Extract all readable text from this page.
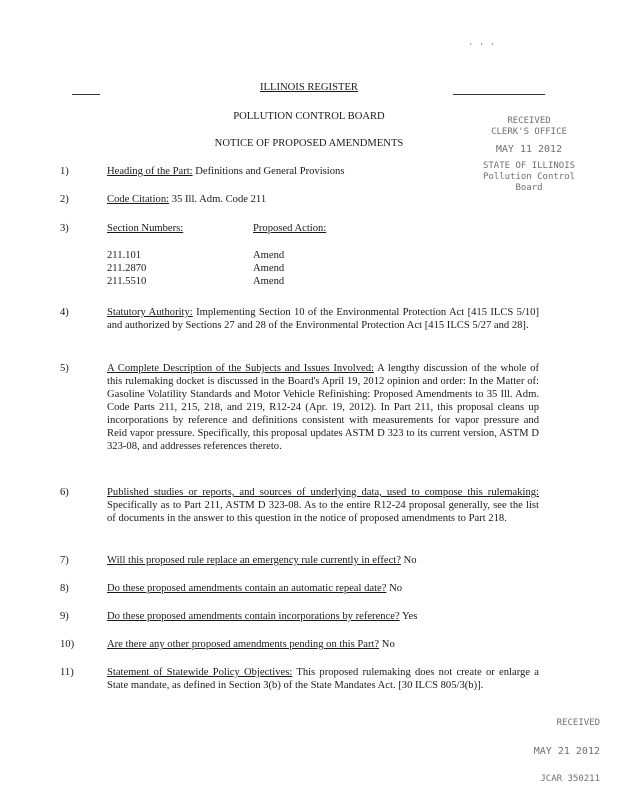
· · ·
ILLINOIS REGISTER
POLLUTION CONTROL BOARD
NOTICE OF PROPOSED AMENDMENTS
RECEIVED
CLERK'S OFFICE
MAY 11 2012
STATE OF ILLINOIS
Pollution Control Board
1)	Heading of the Part: Definitions and General Provisions
2)	Code Citation: 35 Ill. Adm. Code 211
3)	Section Numbers:	Proposed Action:
211.101	Amend
211.2870	Amend
211.5510	Amend
4)	Statutory Authority: Implementing Section 10 of the Environmental Protection Act [415 ILCS 5/10] and authorized by Sections 27 and 28 of the Environmental Protection Act [415 ILCS 5/27 and 28].
5)	A Complete Description of the Subjects and Issues Involved: A lengthy discussion of the whole of this rulemaking docket is discussed in the Board's April 19, 2012 opinion and order: In the Matter of: Gasoline Volatility Standards and Motor Vehicle Refinishing: Proposed Amendments to 35 Ill. Adm. Code Parts 211, 215, 218, and 219, R12-24 (Apr. 19, 2012). In Part 211, this proposal cleans up incorporations by reference and definitions consistent with measurements for vapor pressure and Reid vapor pressure. Specifically, this proposal updates ASTM D 323 to its current version, ASTM D 323-08, and addresses references thereto.
6)	Published studies or reports, and sources of underlying data, used to compose this rulemaking: Specifically as to Part 211, ASTM D 323-08. As to the entire R12-24 proposal generally, see the list of documents in the answer to this question in the notice of proposed amendments to Part 218.
7)	Will this proposed rule replace an emergency rule currently in effect? No
8)	Do these proposed amendments contain an automatic repeal date? No
9)	Do these proposed amendments contain incorporations by reference? Yes
10)	Are there any other proposed amendments pending on this Part? No
11)	Statement of Statewide Policy Objectives: This proposed rulemaking does not create or enlarge a State mandate, as defined in Section 3(b) of the State Mandates Act. [30 ILCS 805/3(b)].
RECEIVED
MAY 21 2012
JCAR 350211
